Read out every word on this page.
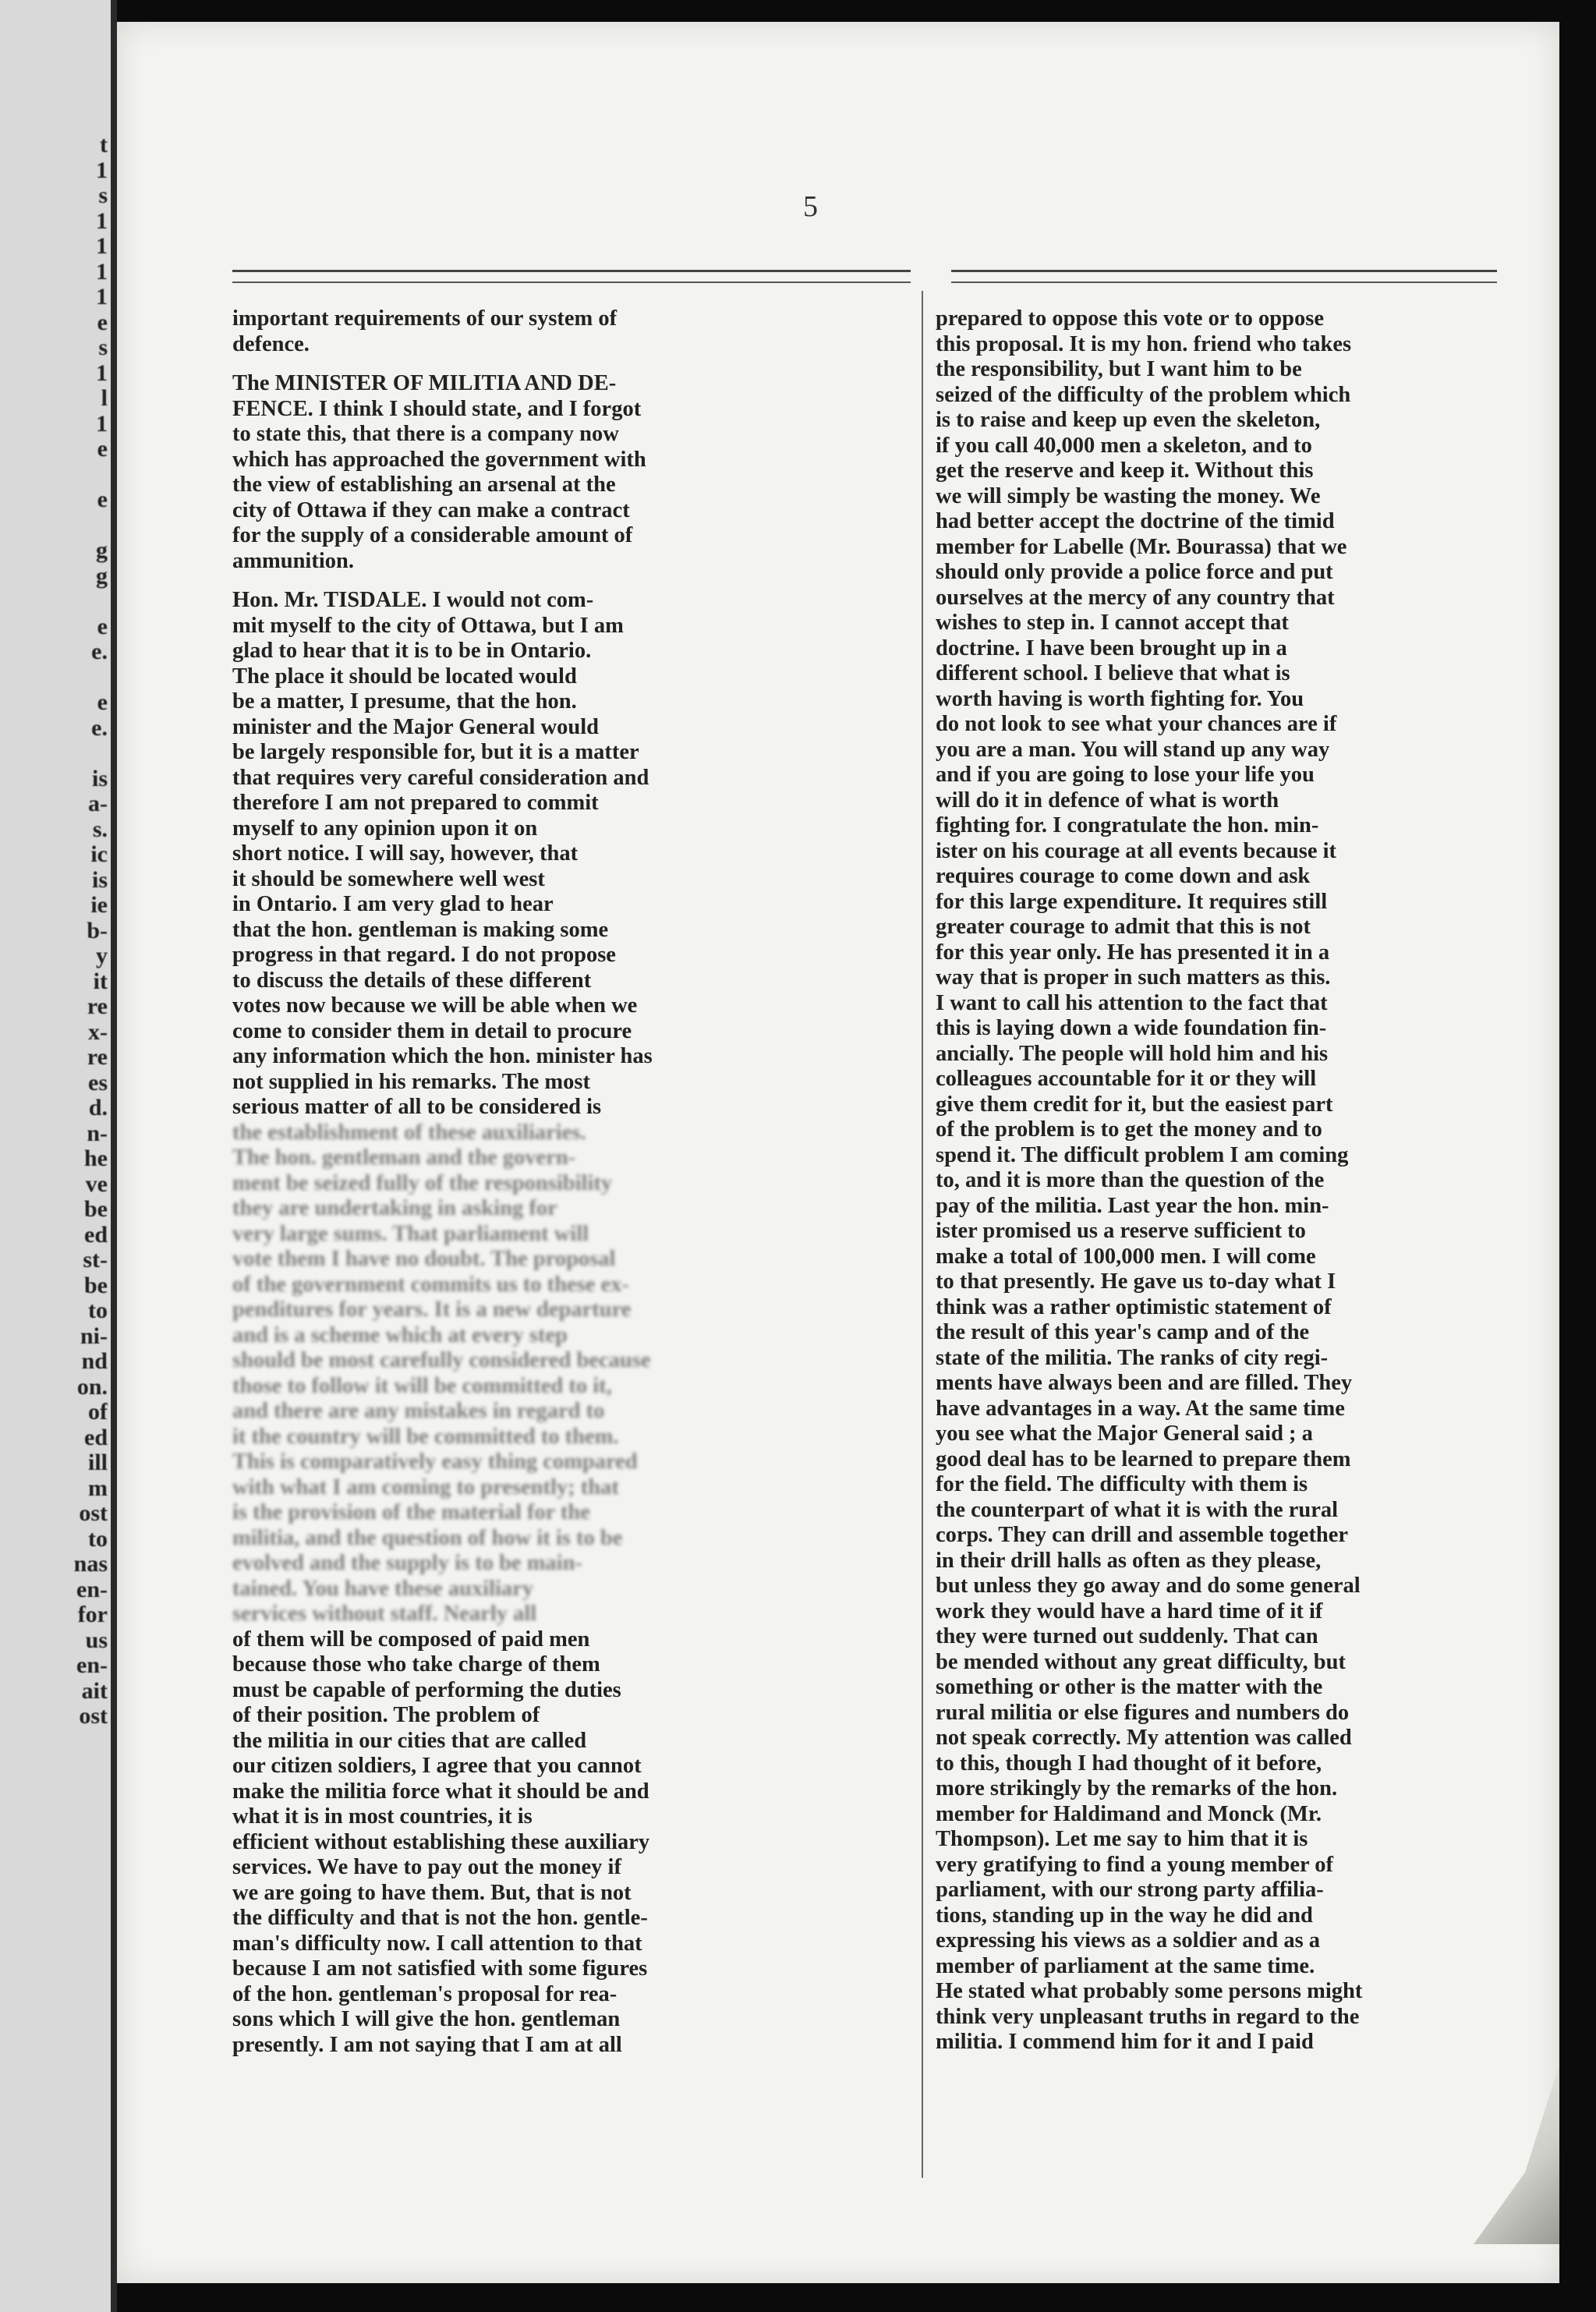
t
1
s
1
1
1
1
e
s
1
l
1
e
e
g
g
e
e.
e
e.
is
a-
s.
ic
is
ie
b-
y
it
re
x-
re
es
d.
n-
he
ve
be
ed
st-
be
to
ni-
nd
on.
of
ed
ill
m
ost
to
nas
en-
for
us
en-
ait
ost
5
important requirements of our system of
defence.
The MINISTER OF MILITIA AND DE-
FENCE. I think I should state, and I forgot
to state this, that there is a company now
which has approached the government with
the view of establishing an arsenal at the
city of Ottawa if they can make a contract
for the supply of a considerable amount of
ammunition.
Hon. Mr. TISDALE. I would not com-
mit myself to the city of Ottawa, but I am
glad to hear that it is to be in Ontario.
The place it should be located would
be a matter, I presume, that the hon.
minister and the Major General would
be largely responsible for, but it is a matter
that requires very careful consideration and
therefore I am not prepared to commit
myself to any opinion upon it on
short notice. I will say, however, that
it should be somewhere well west
in Ontario. I am very glad to hear
that the hon. gentleman is making some
progress in that regard. I do not propose
to discuss the details of these different
votes now because we will be able when we
come to consider them in detail to procure
any information which the hon. minister has
not supplied in his remarks. The most
serious matter of all to be considered is
the establishment of these auxiliaries.
The hon. gentleman and the govern-
ment be seized fully of the responsibility
they are undertaking in asking for
very large sums. That parliament will
vote them I have no doubt. The proposal
of the government commits us to these ex-
penditures for years. It is a new departure
and is a scheme which at every step
should be most carefully considered because
those to follow it will be committed to it,
and there are any mistakes in regard to
it the country will be committed to them.
This is comparatively easy thing compared
with what I am coming to presently; that
is the provision of the material for the
militia, and the question of how it is to be
evolved and the supply is to be main-
tained. You have these auxiliary
services without staff. Nearly all
of them will be composed of paid men
because those who take charge of them
must be capable of performing the duties
of their position. The problem of
the militia in our cities that are called
our citizen soldiers, I agree that you cannot
make the militia force what it should be and
what it is in most countries, it is
efficient without establishing these auxiliary
services. We have to pay out the money if
we are going to have them. But, that is not
the difficulty and that is not the hon. gentle-
man's difficulty now. I call attention to that
because I am not satisfied with some figures
of the hon. gentleman's proposal for rea-
sons which I will give the hon. gentleman
presently. I am not saying that I am at all
prepared to oppose this vote or to oppose
this proposal. It is my hon. friend who takes
the responsibility, but I want him to be
seized of the difficulty of the problem which
is to raise and keep up even the skeleton,
if you call 40,000 men a skeleton, and to
get the reserve and keep it. Without this
we will simply be wasting the money. We
had better accept the doctrine of the timid
member for Labelle (Mr. Bourassa) that we
should only provide a police force and put
ourselves at the mercy of any country that
wishes to step in. I cannot accept that
doctrine. I have been brought up in a
different school. I believe that what is
worth having is worth fighting for. You
do not look to see what your chances are if
you are a man. You will stand up any way
and if you are going to lose your life you
will do it in defence of what is worth
fighting for. I congratulate the hon. min-
ister on his courage at all events because it
requires courage to come down and ask
for this large expenditure. It requires still
greater courage to admit that this is not
for this year only. He has presented it in a
way that is proper in such matters as this.
I want to call his attention to the fact that
this is laying down a wide foundation fin-
ancially. The people will hold him and his
colleagues accountable for it or they will
give them credit for it, but the easiest part
of the problem is to get the money and to
spend it. The difficult problem I am coming
to, and it is more than the question of the
pay of the militia. Last year the hon. min-
ister promised us a reserve sufficient to
make a total of 100,000 men. I will come
to that presently. He gave us to-day what I
think was a rather optimistic statement of
the result of this year's camp and of the
state of the militia. The ranks of city regi-
ments have always been and are filled. They
have advantages in a way. At the same time
you see what the Major General said ; a
good deal has to be learned to prepare them
for the field. The difficulty with them is
the counterpart of what it is with the rural
corps. They can drill and assemble together
in their drill halls as often as they please,
but unless they go away and do some general
work they would have a hard time of it if
they were turned out suddenly. That can
be mended without any great difficulty, but
something or other is the matter with the
rural militia or else figures and numbers do
not speak correctly. My attention was called
to this, though I had thought of it before,
more strikingly by the remarks of the hon.
member for Haldimand and Monck (Mr.
Thompson). Let me say to him that it is
very gratifying to find a young member of
parliament, with our strong party affilia-
tions, standing up in the way he did and
expressing his views as a soldier and as a
member of parliament at the same time.
He stated what probably some persons might
think very unpleasant truths in regard to the
militia. I commend him for it and I paid
